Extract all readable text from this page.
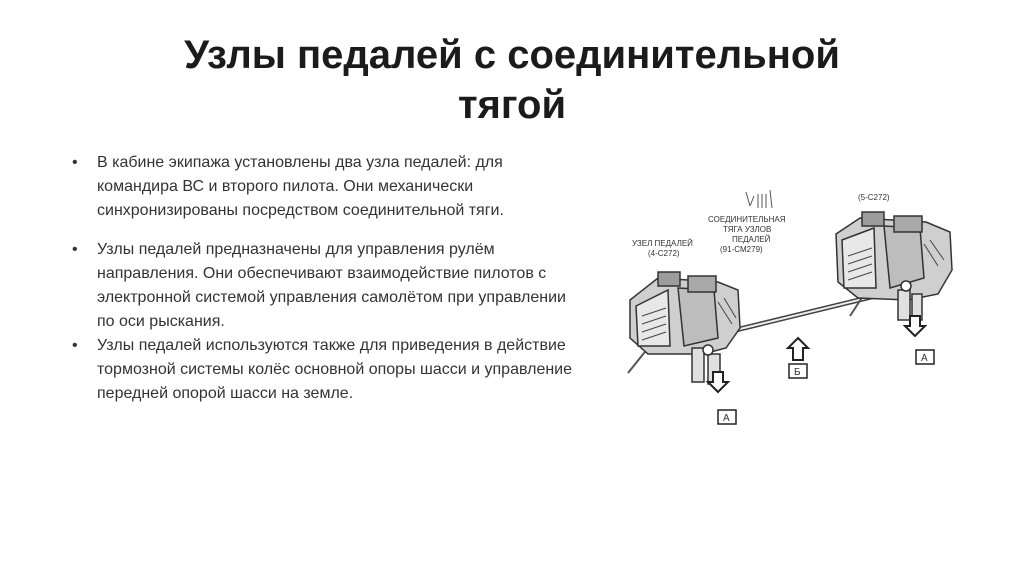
Узлы педалей с соединительной
тягой
• В кабине экипажа установлены два узла педалей: для командира ВС и второго пилота. Они механически синхронизированы посредством соединительной тяги.
• Узлы педалей предназначены для управления рулём направления. Они обеспечивают взаимодействие пилотов с электронной системой управления самолётом при управлении по оси рыскания.
• Узлы педалей используются также для приведения в действие тормозной системы колёс основной опоры шасси и управление передней опорой шасси на земле.
УЗЕЛ ПЕДАЛЕЙ
(4-C272)
(5-C272)
СОЕДИНИТЕЛЬНАЯ
ТЯГА УЗЛОВ
ПЕДАЛЕЙ
(91-CM279)
Б
А
А
